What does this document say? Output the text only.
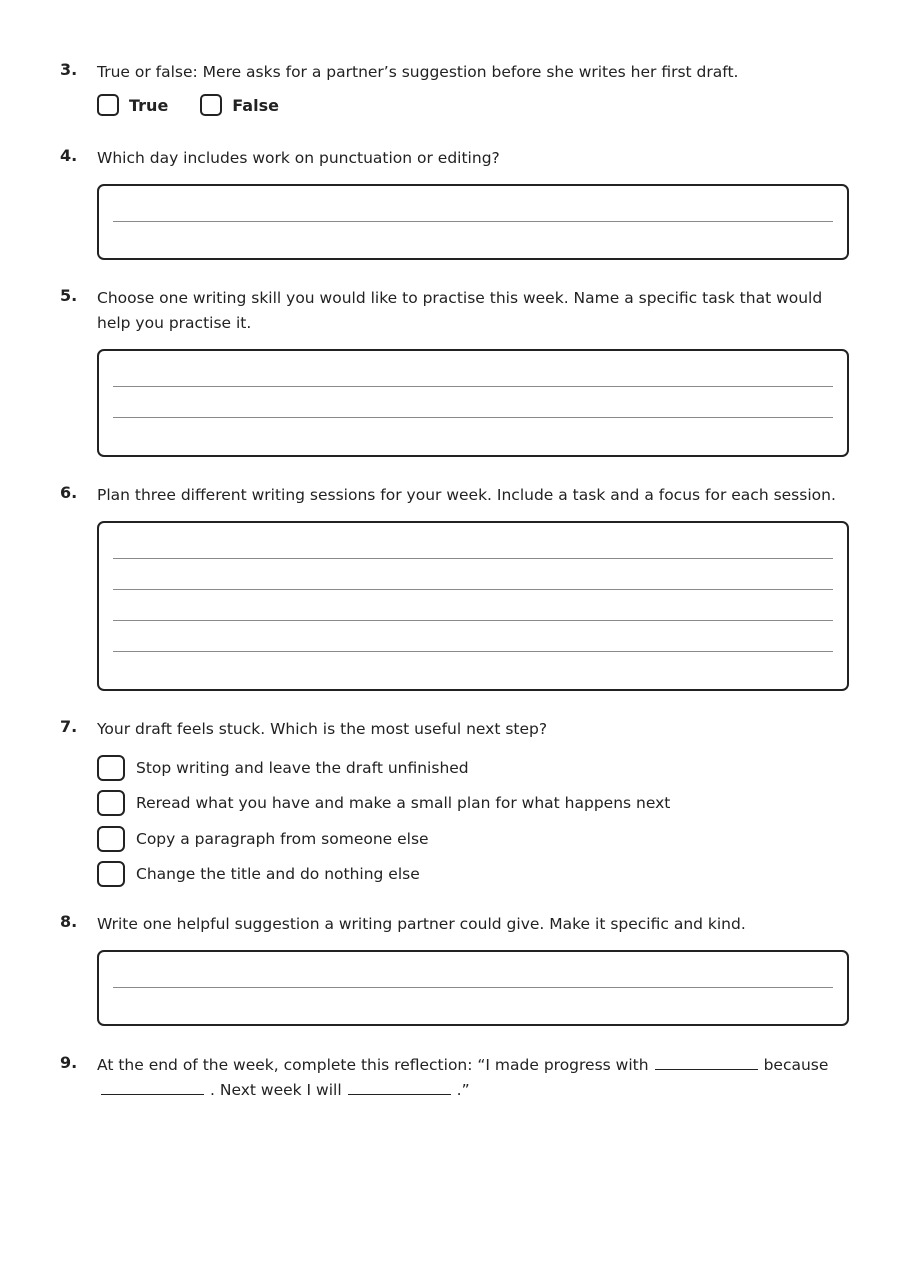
3. True or false: Mere asks for a partner’s suggestion before she writes her first draft.
True	False
4. Which day includes work on punctuation or editing?
5. Choose one writing skill you would like to practise this week. Name a specific task that would help you practise it.
6. Plan three different writing sessions for your week. Include a task and a focus for each session.
7. Your draft feels stuck. Which is the most useful next step?
Stop writing and leave the draft unfinished
Reread what you have and make a small plan for what happens next
Copy a paragraph from someone else
Change the title and do nothing else
8. Write one helpful suggestion a writing partner could give. Make it specific and kind.
9. At the end of the week, complete this reflection: “I made progress with	because
. Next week I will	.”
